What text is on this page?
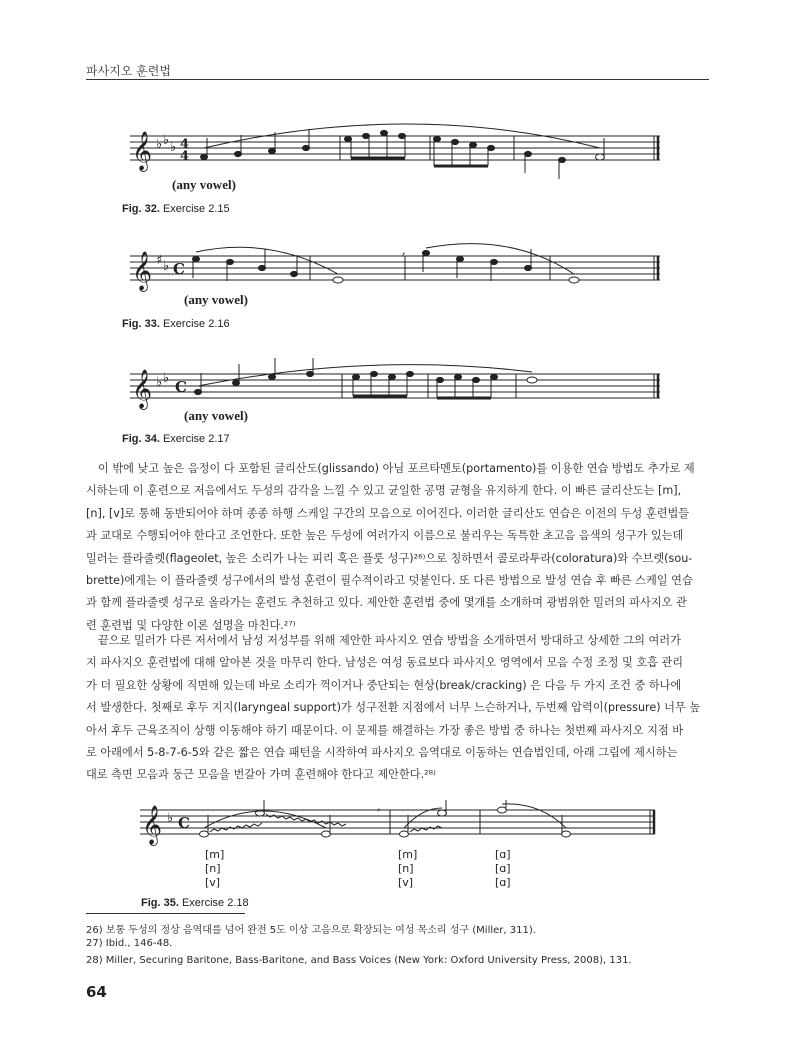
파사지오 훈련법
𝄞 ♭ ♭ ♭ 4
4
(any vowel)
Fig. 32. Exercise 2.15
𝄞 ♯ ♭ C
,
(any vowel)
Fig. 33. Exercise 2.16
𝄞 ♭ ♭ C
(any vowel)
Fig. 34. Exercise 2.17
이 밖에 낮고 높은 음정이 다 포함된 글리산도(glissando) 아님 포르타멘토(portamento)를 이용한 연습 방법도 추가로 제
시하는데 이 훈련으로 저음에서도 두성의 감각을 느낄 수 있고 균일한 공명 균형을 유지하게 한다. 이 빠른 글리산도는 [m],
[n], [v]로 통해 동반되어야 하며 종종 하행 스케일 구간의 모음으로 이어진다. 이러한 글리산도 연습은 이전의 두성 훈련법들
과 교대로 수행되어야 한다고 조언한다. 또한 높은 두성에 여러가지 이름으로 불리우는 독특한 초고음 음색의 성구가 있는데
밀러는 플라줄렛(flageolet, 높은 소리가 나는 피리 혹은 플룻 성구)²⁶⁾으로 칭하면서 콜로라투라(coloratura)와 수브렛(sou-
brette)에게는 이 플라줄렛 성구에서의 발성 훈련이 필수적이라고 덧붙인다. 또 다른 방법으로 발성 연습 후 빠른 스케일 연습
과 함께 플라줄렛 성구로 올라가는 훈련도 추천하고 있다. 제안한 훈련법 중에 몇개를 소개하며 광범위한 밀러의 파사지오 관
련 훈련법 및 다양한 이론 설명을 마친다.²⁷⁾
끝으로 밀러가 다른 저서에서 남성 저성부를 위해 제안한 파사지오 연습 방법을 소개하면서 방대하고 상세한 그의 여러가
지 파사지오 훈련법에 대해 알아본 것을 마무리 한다. 남성은 여성 동료보다 파사지오 영역에서 모음 수정 조정 및 호흡 관리
가 더 필요한 상황에 직면해 있는데 바로 소리가 꺽이거나 중단되는 현상(break/cracking) 은 다음 두 가지 조건 중 하나에
서 발생한다. 첫째로 후두 지지(laryngeal support)가 성구전환 지점에서 너무 느슨하거나, 두번째 압력이(pressure) 너무 높
아서 후두 근육조직이 상행 이동해야 하기 때문이다. 이 문제를 해결하는 가장 좋은 방법 중 하나는 첫번째 파사지오 지점 바
로 아래에서 5-8-7-6-5와 같은 짧은 연습 패턴을 시작하여 파사지오 음역대로 이동하는 연습법인데, 아래 그림에 제시하는
대로 측면 모음과 둥근 모음을 번갈아 가며 훈련해야 한다고 제안한다.²⁸⁾
𝄞 ♭ C
,
[m]
[n]
[v]
[m]
[n]
[v]
[ɑ]
[ɑ]
[ɑ]
Fig. 35. Exercise 2.18
26) 보통 두성의 정상 음역대를 넘어 완전 5도 이상 고음으로 확장되는 여성 목소리 성구 (Miller, 311).
27) Ibid., 146-48.
28) Miller, Securing Baritone, Bass-Baritone, and Bass Voices (New York: Oxford University Press, 2008), 131.
64
